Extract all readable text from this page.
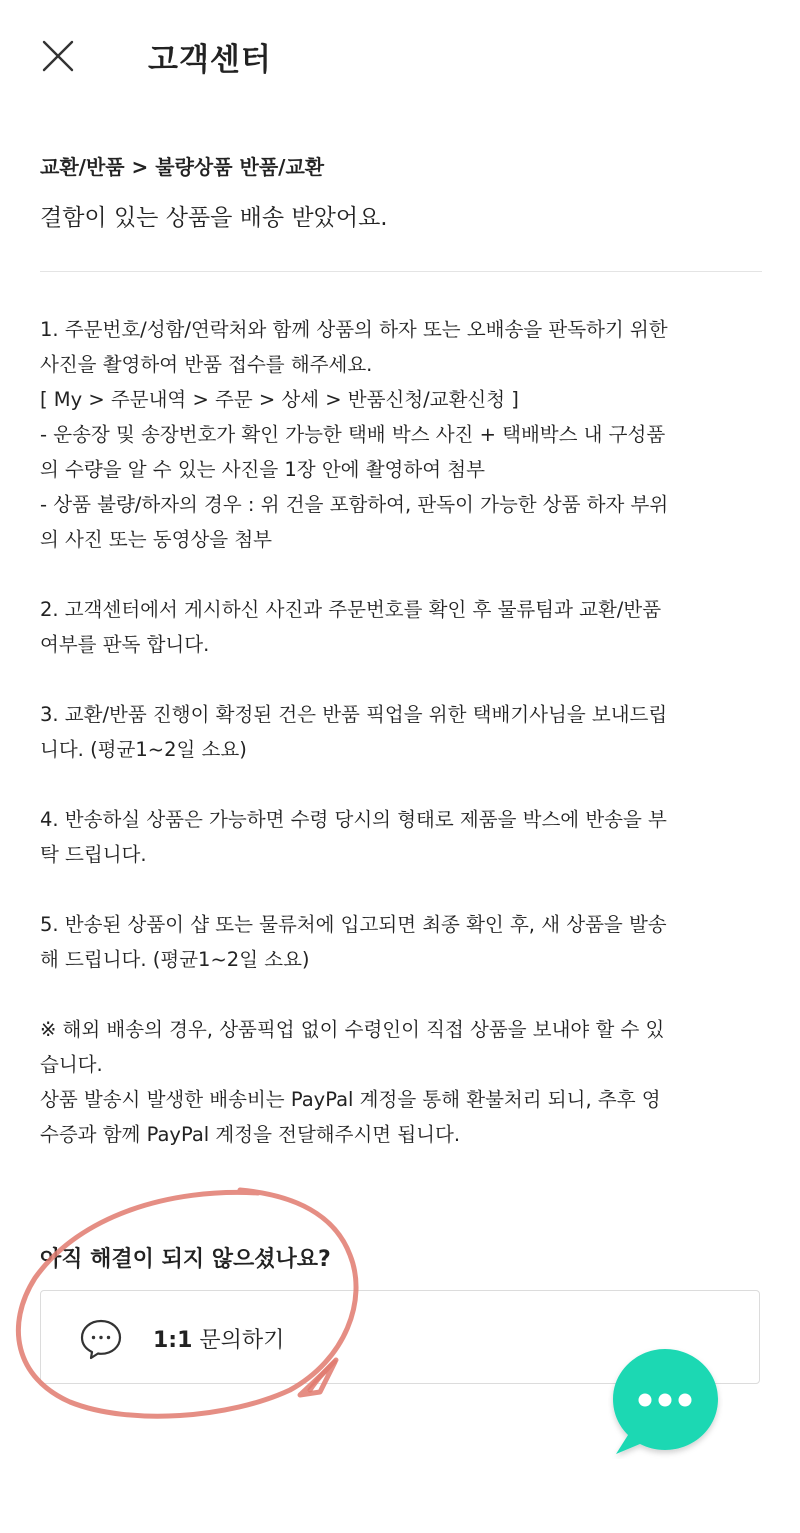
고객센터
교환/반품 > 불량상품 반품/교환
결함이 있는 상품을 배송 받았어요.
1. 주문번호/성함/연락처와 함께 상품의 하자 또는 오배송을 판독하기 위한
사진을 촬영하여 반품 접수를 해주세요.
[ My > 주문내역 > 주문 > 상세 > 반품신청/교환신청 ]
- 운송장 및 송장번호가 확인 가능한 택배 박스 사진 + 택배박스 내 구성품
의 수량을 알 수 있는 사진을 1장 안에 촬영하여 첨부
- 상품 불량/하자의 경우 : 위 건을 포함하여, 판독이 가능한 상품 하자 부위
의 사진 또는 동영상을 첨부
2. 고객센터에서 게시하신 사진과 주문번호를 확인 후 물류팀과 교환/반품
여부를 판독 합니다.
3. 교환/반품 진행이 확정된 건은 반품 픽업을 위한 택배기사님을 보내드립
니다. (평균1~2일 소요)
4. 반송하실 상품은 가능하면 수령 당시의 형태로 제품을 박스에 반송을 부
탁 드립니다.
5. 반송된 상품이 샵 또는 물류처에 입고되면 최종 확인 후, 새 상품을 발송
해 드립니다. (평균1~2일 소요)
※ 해외 배송의 경우, 상품픽업 없이 수령인이 직접 상품을 보내야 할 수 있
습니다.
상품 발송시 발생한 배송비는 PayPal 계정을 통해 환불처리 되니, 추후 영
수증과 함께 PayPal 계정을 전달해주시면 됩니다.
아직 해결이 되지 않으셨나요?
1:1 문의하기
